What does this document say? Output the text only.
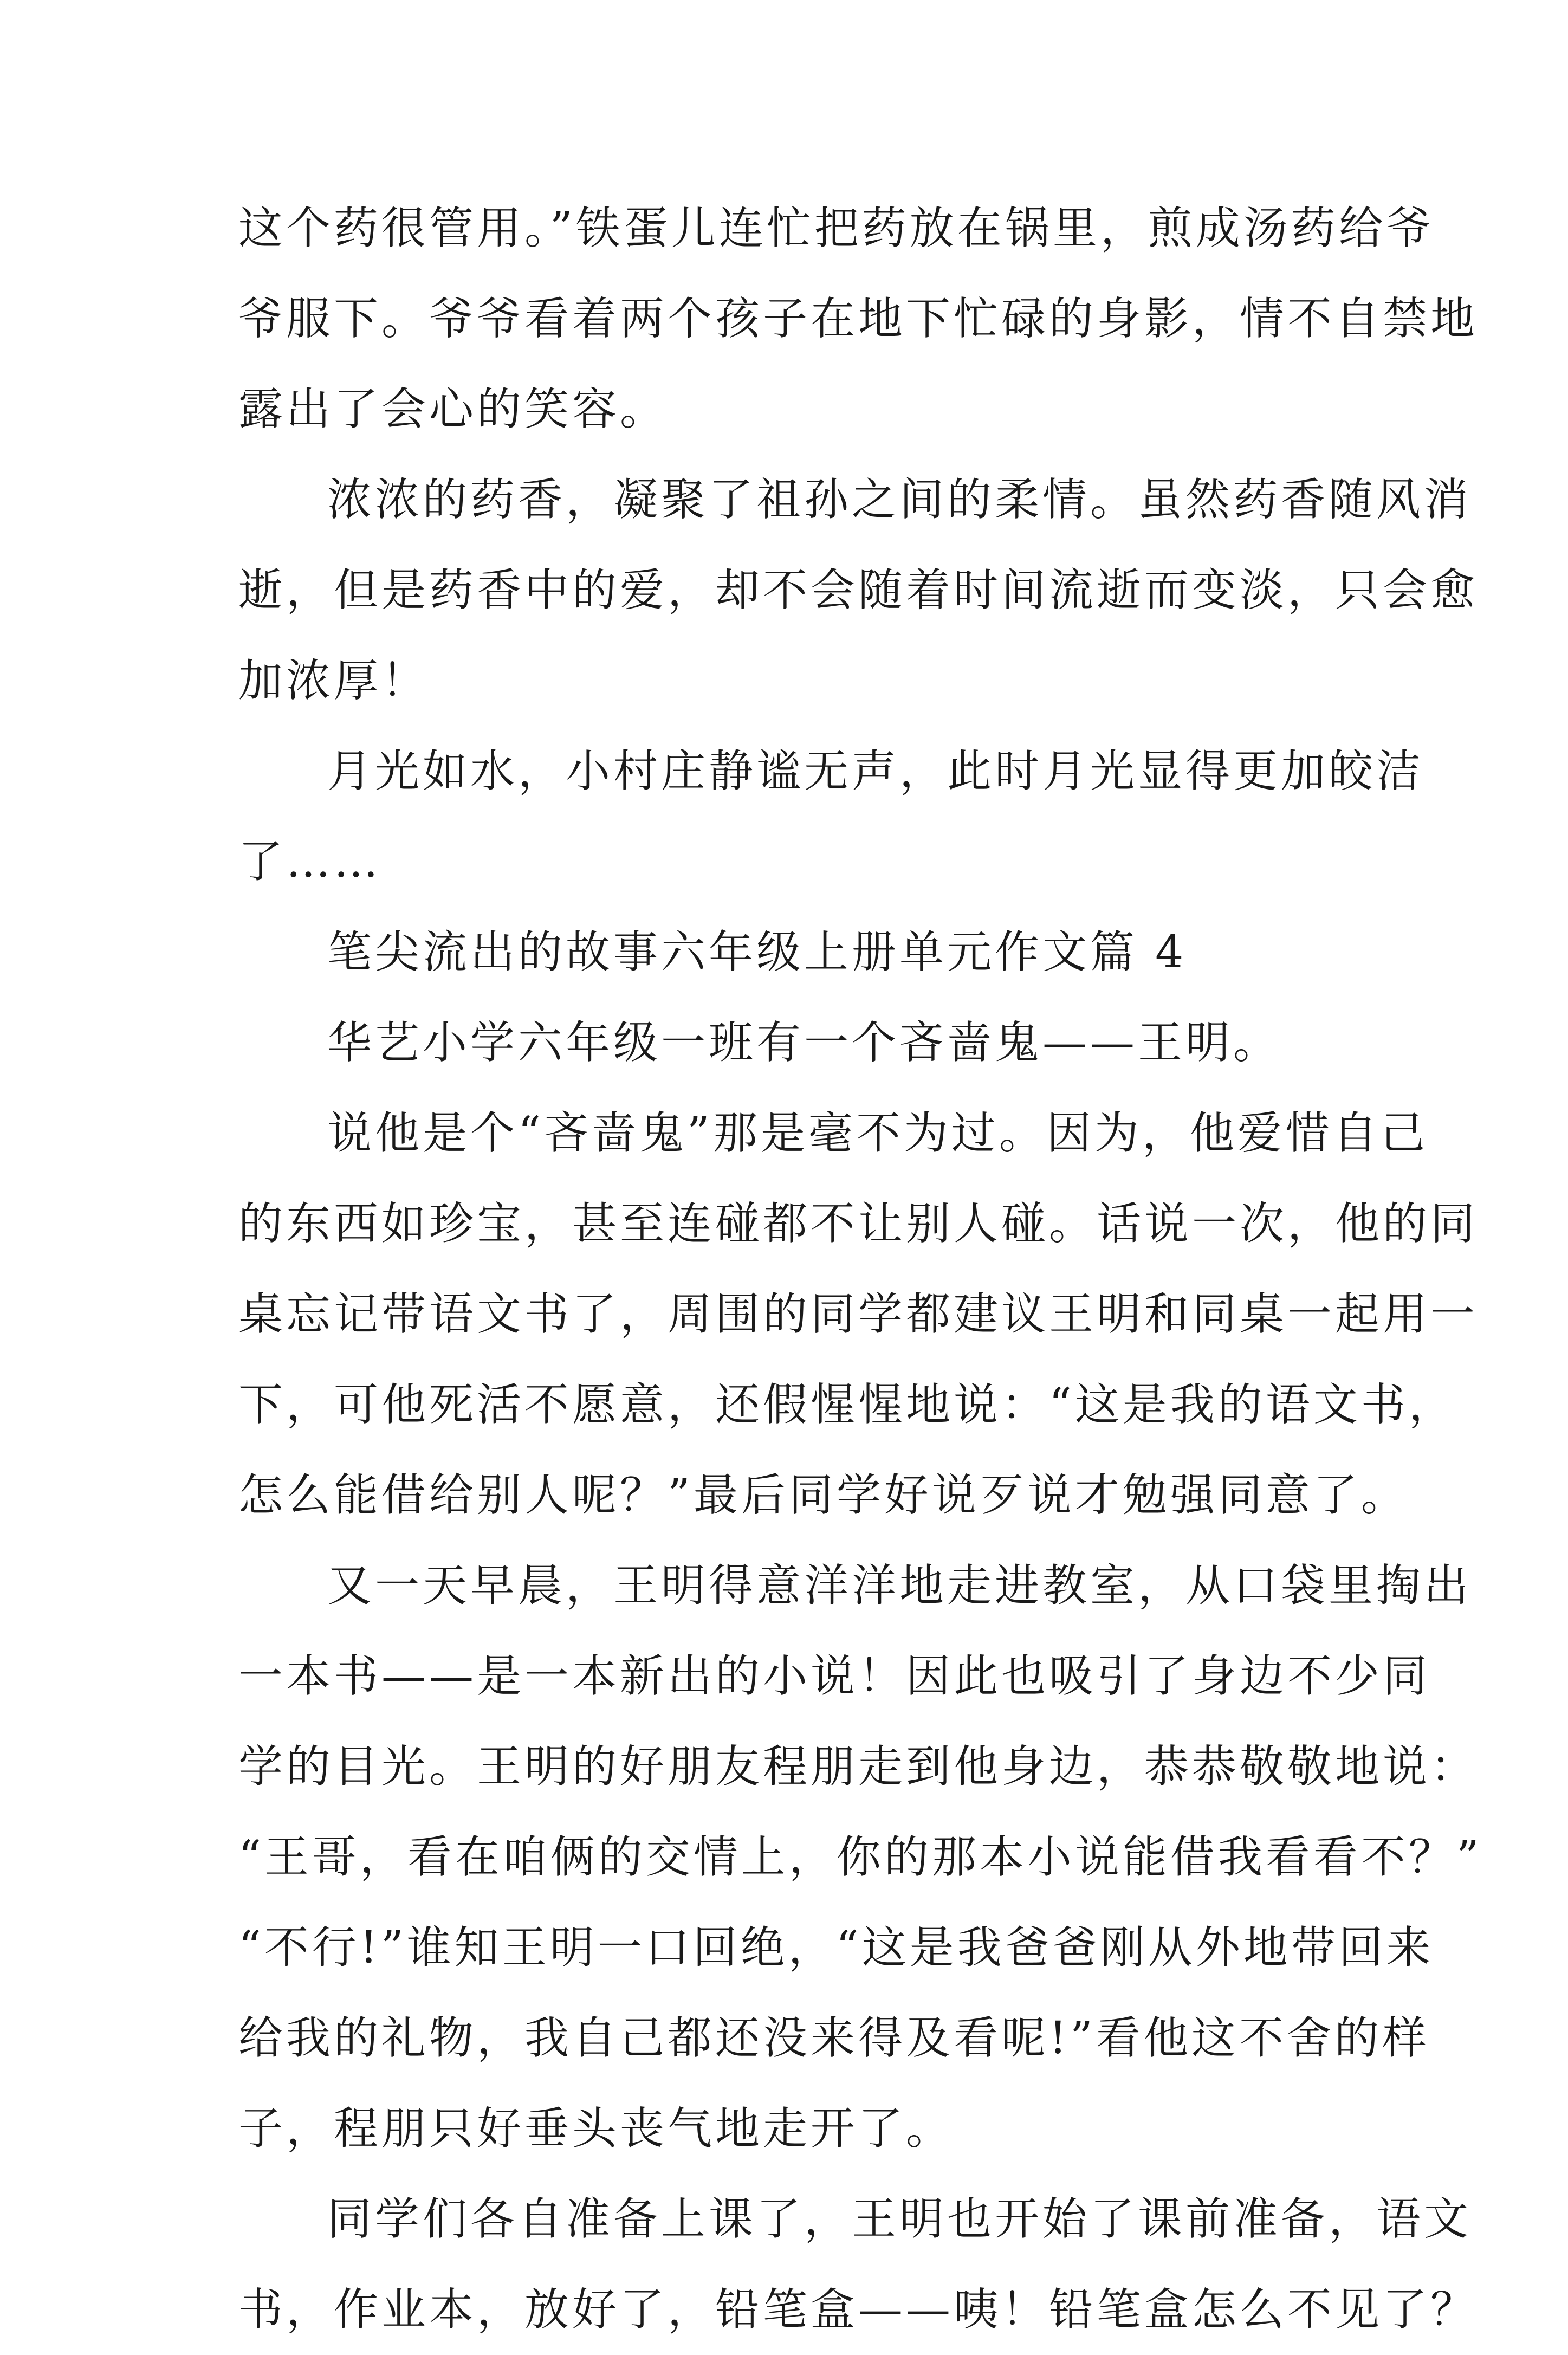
这个药很管用。”铁蛋儿连忙把药放在锅里，煎成汤药给爷
爷服下。爷爷看着两个孩子在地下忙碌的身影，情不自禁地
露出了会心的笑容。
浓浓的药香，凝聚了祖孙之间的柔情。虽然药香随风消
逝，但是药香中的爱，却不会随着时间流逝而变淡，只会愈
加浓厚！
月光如水，小村庄静谧无声，此时月光显得更加皎洁
了……
笔尖流出的故事六年级上册单元作文篇 4
华艺小学六年级一班有一个吝啬鬼——王明。
说他是个“吝啬鬼”那是毫不为过。因为，他爱惜自己
的东西如珍宝，甚至连碰都不让别人碰。话说一次，他的同
桌忘记带语文书了，周围的同学都建议王明和同桌一起用一
下，可他死活不愿意，还假惺惺地说：“这是我的语文书，
怎么能借给别人呢？”最后同学好说歹说才勉强同意了。
又一天早晨，王明得意洋洋地走进教室，从口袋里掏出
一本书——是一本新出的小说！因此也吸引了身边不少同
学的目光。王明的好朋友程朋走到他身边，恭恭敬敬地说：
“王哥，看在咱俩的交情上，你的那本小说能借我看看不？”
“不行!”谁知王明一口回绝，“这是我爸爸刚从外地带回来
给我的礼物，我自己都还没来得及看呢!”看他这不舍的样
子，程朋只好垂头丧气地走开了。
同学们各自准备上课了，王明也开始了课前准备，语文
书，作业本，放好了，铅笔盒——咦！铅笔盒怎么不见了？
